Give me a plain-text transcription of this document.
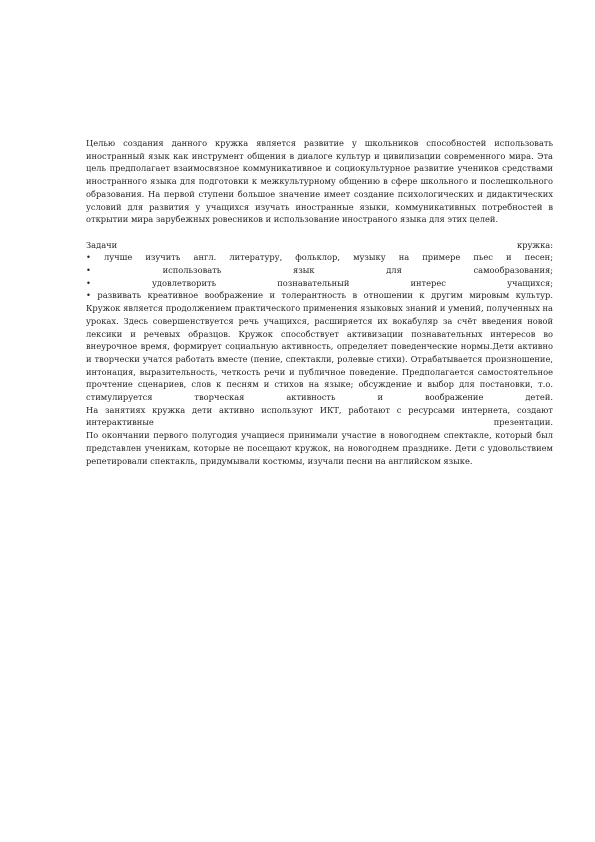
Целью создания данного кружка является развитие у школьников способностей использовать иностранный язык как инструмент общения в диалоге культур и цивилизации современного мира. Эта цель предполагает взаимосвязное коммуникативное и социокультурное развитие учеников средствами иностранного языка для подготовки к межкультурному общению в сфере школьного и послешкольного образования. На первой ступени большое значение имеет создание психологических и дидактических условий для развития у учащихся изучать иностранные языки, коммуникативных потребностей в открытии мира зарубежных ровесников и использование иностраного языка для этих целей.

Задачи кружка:
• лучше изучить англ. литературу, фольклор, музыку на примере пьес и песен;
• использовать язык для самообразования;
• удовлетворить познавательный интерес учащихся;

• развивать креативное воображение и толерантность в отношении к другим мировым культур.

Кружок является продолжением практического применения языковых знаний и умений, полученных на уроках. Здесь совершенствуется речь учащихся, расширяется их вокабуляр за счёт введения новой лексики и речевых образцов. Кружок способствует активизации познавательных интересов во внеурочное время, формирует социальную активность, определяет поведенческие нормы.Дети активно и творчески учатся работать вместе (пение, спектакли, ролевые стихи). Отрабатывается произношение, интонация, выразительность, четкость речи и публичное поведение. Предполагается самостоятельное прочтение сценариев, слов к песням и стихов на языке; обсуждение и выбор для постановки, т.о. стимулируется творческая активность и воображение детей.

На занятиях кружка дети активно используют ИКТ, работают с ресурсами интернета, создают интерактивные презентации.

По окончании первого полугодия учащиеся принимали участие в новогоднем спектакле, который был представлен ученикам, которые не посещают кружок, на новогоднем празднике. Дети с удовольствием репетировали спектакль, придумывали костюмы, изучали песни на английском языке.
